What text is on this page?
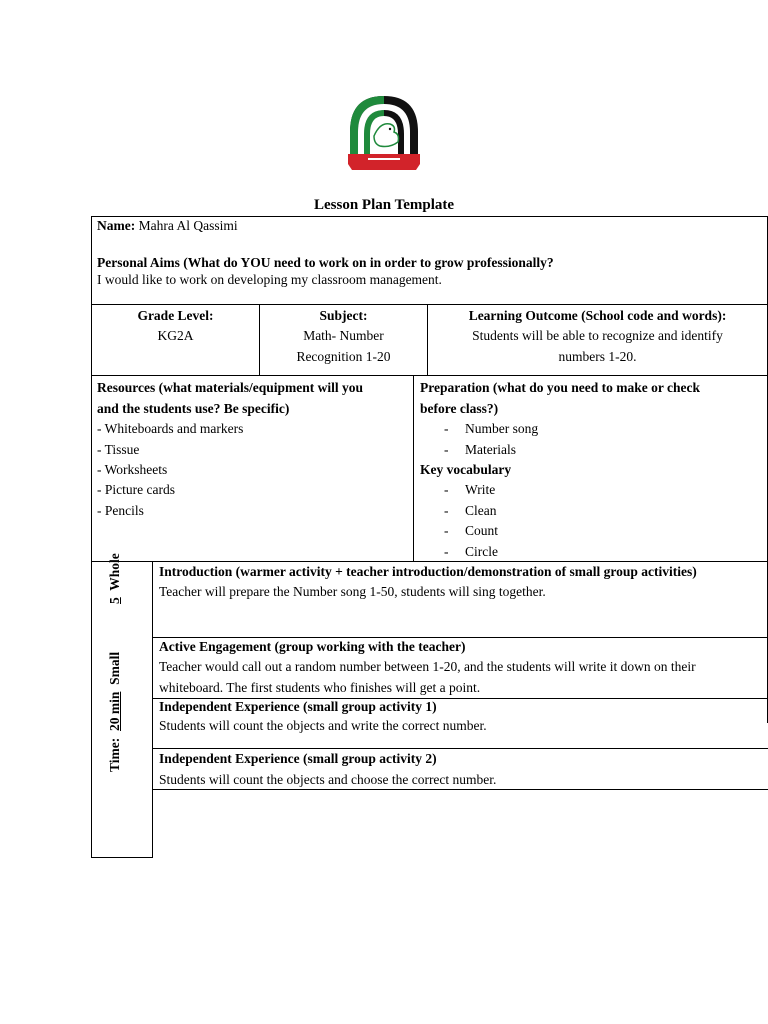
Lesson Plan Template
Name: Mahra Al Qassimi
Personal Aims (What do YOU need to work on in order to grow professionally?
I would like to work on developing my classroom management.
Grade Level:
KG2A
Subject:
Math- Number
Recognition 1-20
Learning Outcome (School code and words):
Students will be able to recognize and identify
numbers 1-20.
Resources (what materials/equipment will you
and the students use? Be specific)
- Whiteboards and markers
- Tissue
- Worksheets
- Picture cards
- Pencils
Preparation (what do you need to make or check
before class?)
- Number song
- Materials
Key vocabulary
- Write
- Clean
- Count
- Circle
5  Whole
Time:  20 min  Small
Introduction (warmer activity + teacher introduction/demonstration of small group activities)
Teacher will prepare the Number song 1-50, students will sing together.
Active Engagement (group working with the teacher)
Teacher would call out a random number between 1-20, and the students will write it down on their
whiteboard. The first students who finishes will get a point.
Independent Experience (small group activity 1)
Students will count the objects and write the correct number.
Independent Experience (small group activity 2)
Students will count the objects and choose the correct number.
